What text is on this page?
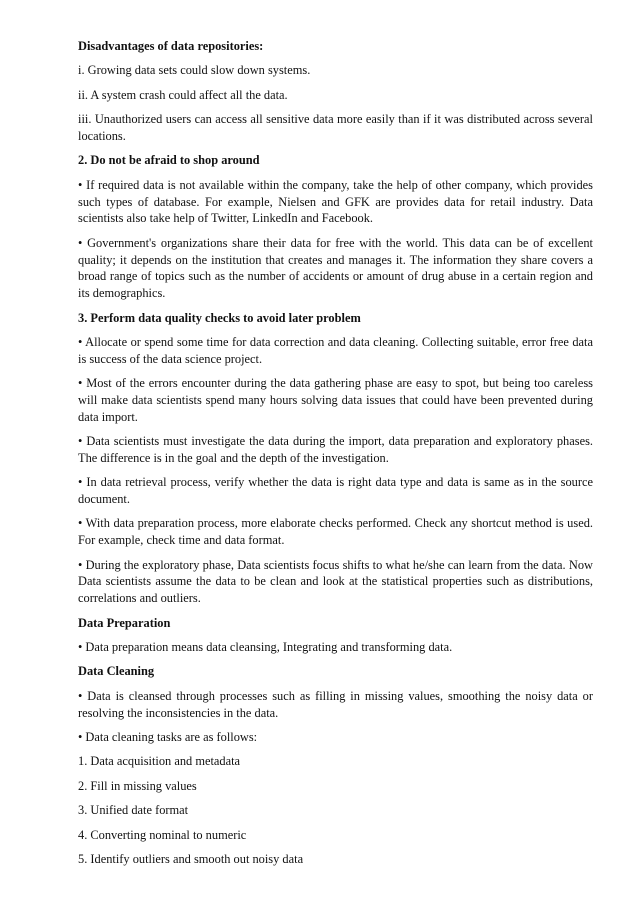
Disadvantages of data repositories:

i. Growing data sets could slow down systems.

ii. A system crash could affect all the data.

iii. Unauthorized users can access all sensitive data more easily than if it was distributed across several locations.

2. Do not be afraid to shop around

• If required data is not available within the company, take the help of other company, which provides such types of database. For example, Nielsen and GFK are provides data for retail industry. Data scientists also take help of Twitter, LinkedIn and Facebook.

• Government's organizations share their data for free with the world. This data can be of excellent quality; it depends on the institution that creates and manages it. The information they share covers a broad range of topics such as the number of accidents or amount of drug abuse in a certain region and its demographics.

3. Perform data quality checks to avoid later problem

• Allocate or spend some time for data correction and data cleaning. Collecting suitable, error free data is success of the data science project.

• Most of the errors encounter during the data gathering phase are easy to spot, but being too careless will make data scientists spend many hours solving data issues that could have been prevented during data import.

• Data scientists must investigate the data during the import, data preparation and exploratory phases. The difference is in the goal and the depth of the investigation.

• In data retrieval process, verify whether the data is right data type and data is same as in the source document.

• With data preparation process, more elaborate checks performed. Check any shortcut method is used. For example, check time and data format.

• During the exploratory phase, Data scientists focus shifts to what he/she can learn from the data. Now Data scientists assume the data to be clean and look at the statistical properties such as distributions, correlations and outliers.

Data Preparation

• Data preparation means data cleansing, Integrating and transforming data.

Data Cleaning

• Data is cleansed through processes such as filling in missing values, smoothing the noisy data or resolving the inconsistencies in the data.

• Data cleaning tasks are as follows:

1. Data acquisition and metadata

2. Fill in missing values

3. Unified date format

4. Converting nominal to numeric

5. Identify outliers and smooth out noisy data
